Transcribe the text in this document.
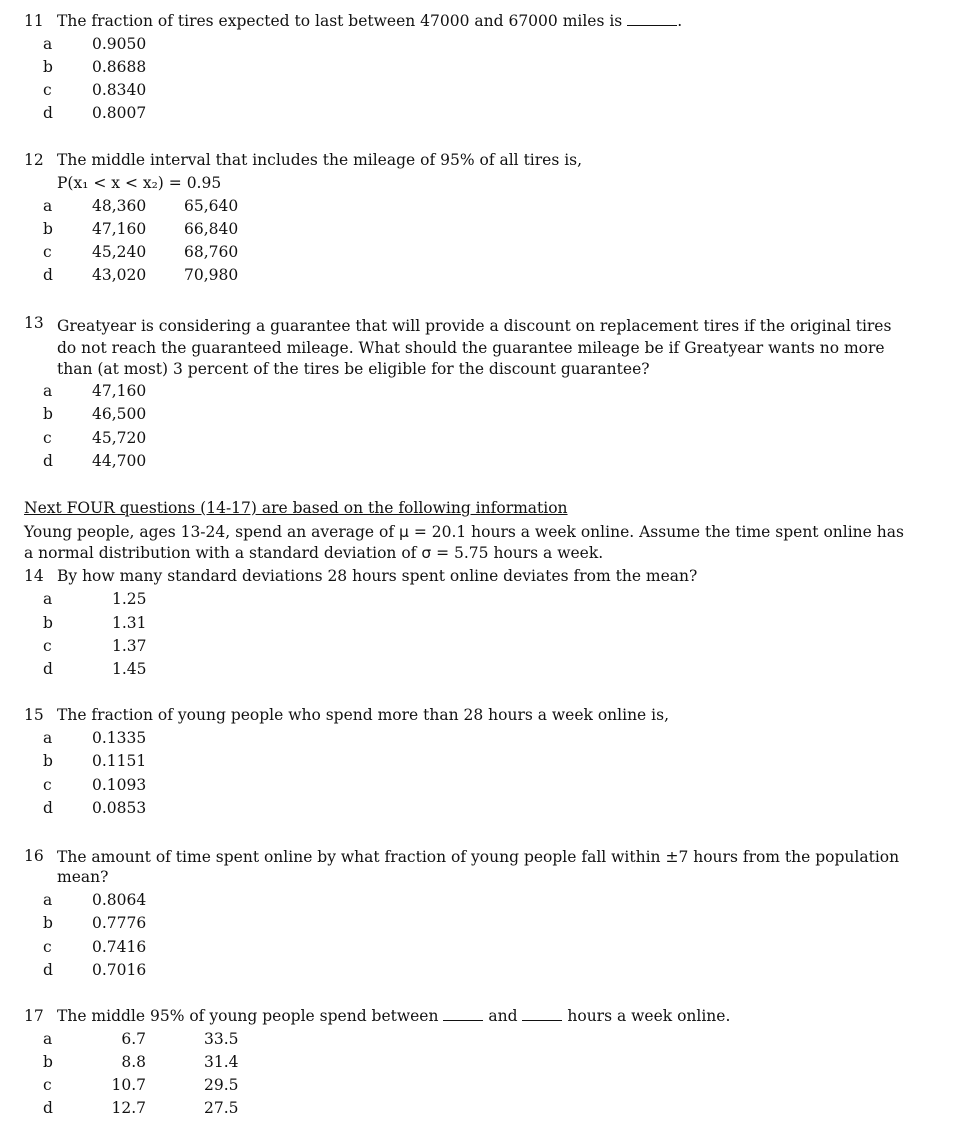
11 The fraction of tires expected to last between 47000 and 67000 miles is	.
a	0.9050
b	0.8688
c	0.8340
d	0.8007
12 The middle interval that includes the mileage of 95% of all tires is,
P(x₁ < x < x₂) = 0.95
a	48,360 65,640
b	47,160 66,840
c	45,240 68,760
d	43,020 70,980
13 Greatyear is considering a guarantee that will provide a discount on replacement tires if the original tires
do not reach the guaranteed mileage. What should the guarantee mileage be if Greatyear wants no more
than (at most) 3 percent of the tires be eligible for the discount guarantee?
a	47,160
b	46,500
c	45,720
d	44,700
Next FOUR questions (14-17) are based on the following information
Young people, ages 13-24, spend an average of μ = 20.1 hours a week online. Assume the time spent online has
a normal distribution with a standard deviation of σ = 5.75 hours a week.
14 By how many standard deviations 28 hours spent online deviates from the mean?
a	1.25
b	1.31
c	1.37
d	1.45
15 The fraction of young people who spend more than 28 hours a week online is,
a	0.1335
b	0.1151
c	0.1093
d	0.0853
16 The amount of time spent online by what fraction of young people fall within ±7 hours from the population
mean?
a	0.8064
b	0.7776
c	0.7416
d	0.7016
17 The middle 95% of young people spend between	and	hours a week online.
a	6.7	33.5
b	8.8	31.4
c	10.7	29.5
d	12.7	27.5
